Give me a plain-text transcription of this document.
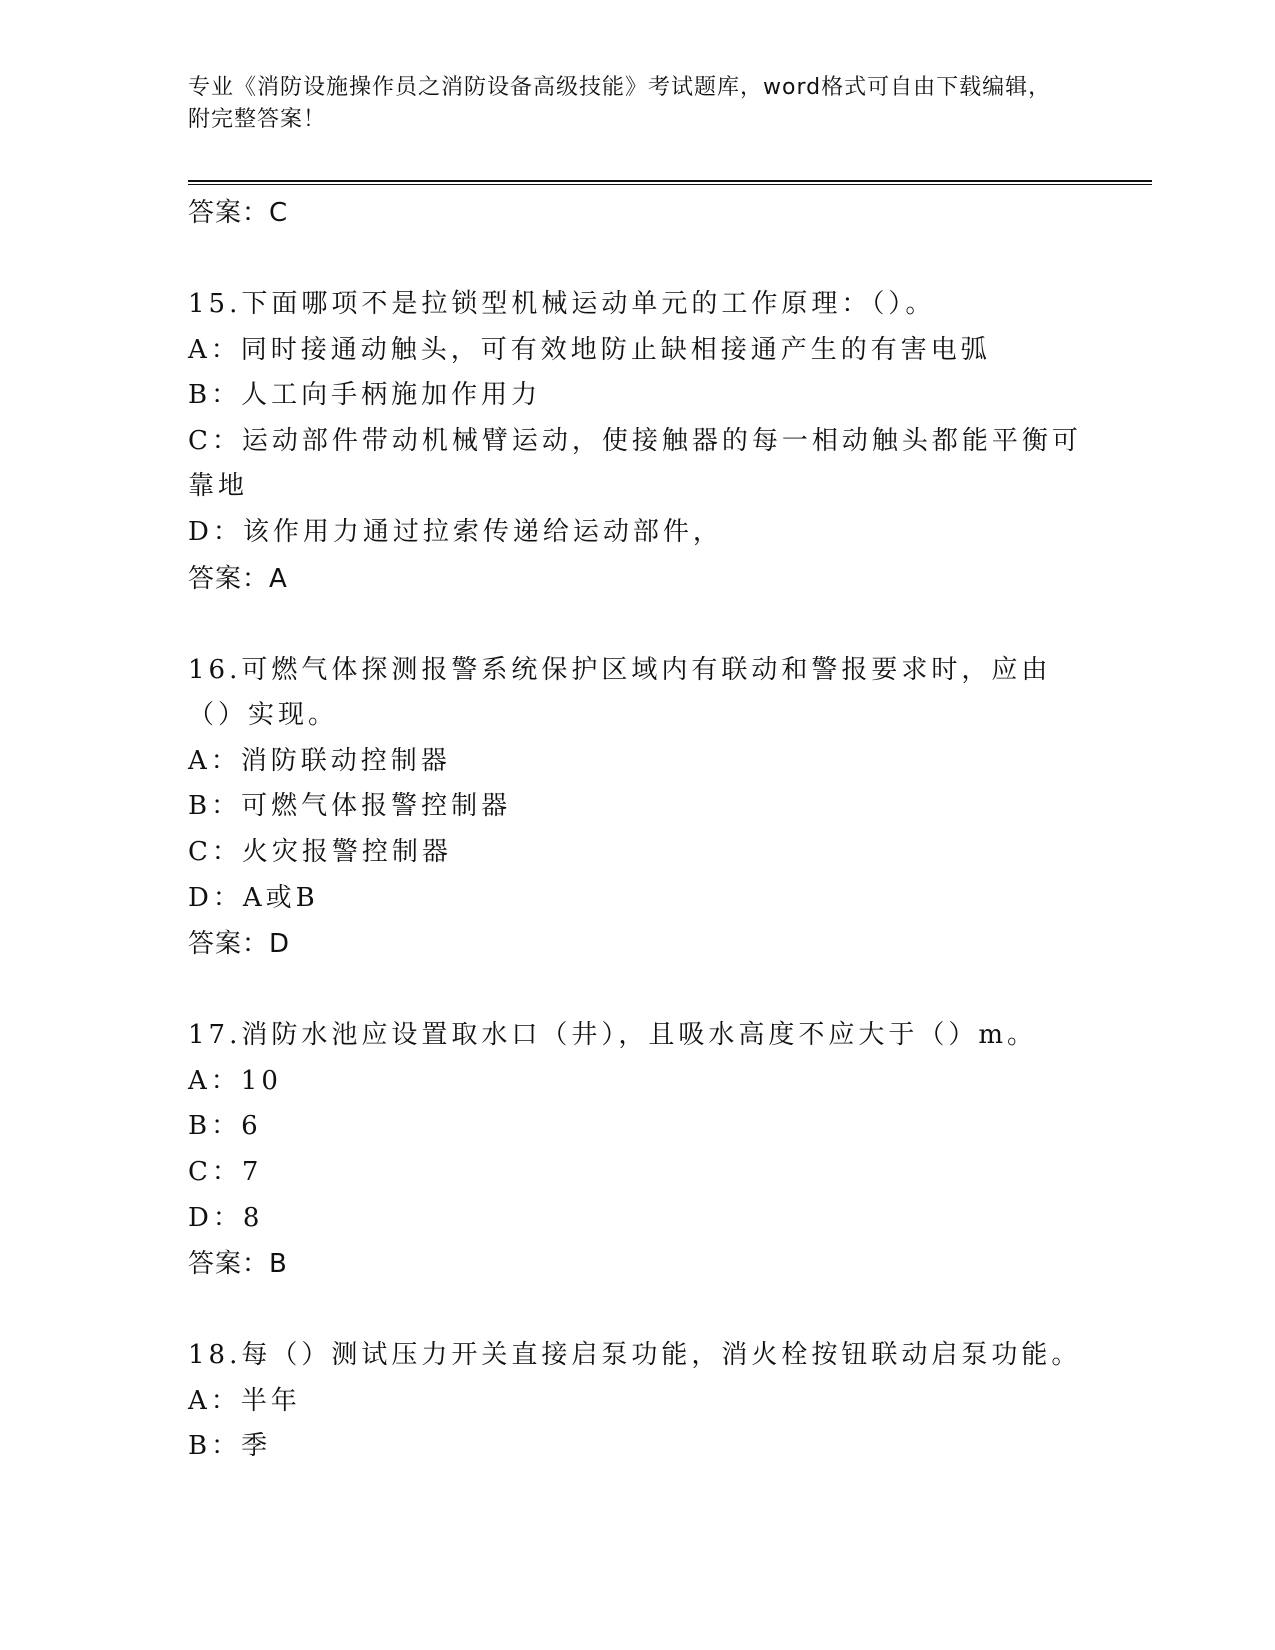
专业《消防设施操作员之消防设备高级技能》考试题库，word格式可自由下载编辑，附完整答案！
答案：C

15.下面哪项不是拉锁型机械运动单元的工作原理：（）。

A：同时接通动触头，可有效地防止缺相接通产生的有害电弧

B：人工向手柄施加作用力

C：运动部件带动机械臂运动，使接触器的每一相动触头都能平衡可靠地

D：该作用力通过拉索传递给运动部件，

答案：A

16.可燃气体探测报警系统保护区域内有联动和警报要求时，应由（）实现。

A：消防联动控制器

B：可燃气体报警控制器

C：火灾报警控制器

D：A或B

答案：D

17.消防水池应设置取水口（井），且吸水高度不应大于（）m。

A：10

B：6

C：7

D：8

答案：B

18.每（）测试压力开关直接启泵功能，消火栓按钮联动启泵功能。

A：半年

B：季
